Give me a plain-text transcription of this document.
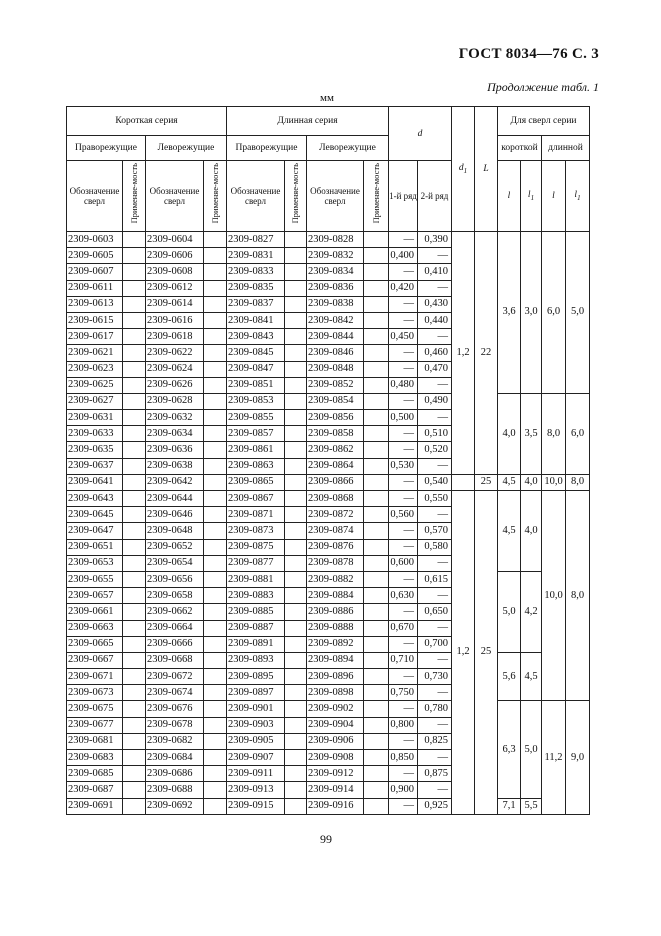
ГОСТ 8034—76 С. 3
Продолжение табл. 1
мм
Короткая серия				Длинная серия				d		$d_1$	L	Для сверл серии			
Праворежущие		Леворежущие		Праворежущие		Леворежущие						короткой		длинной	
Обозначение сверл	Применяе-мость	Обозначение сверл	Применяе-мость	Обозначение сверл	Применяе-мость	Обозначение сверл	Применяе-мость	1-й ряд	2-й ряд			l	$l_1$	l	$l_1$
2309-0603		2309-0604		2309-0827		2309-0828		—	0,390	1,2	22	3,6	3,0	6,0	5,0
2309-0605		2309-0606		2309-0831		2309-0832		0,400	—						
2309-0607		2309-0608		2309-0833		2309-0834		—	0,410						
2309-0611		2309-0612		2309-0835		2309-0836		0,420	—						
2309-0613		2309-0614		2309-0837		2309-0838		—	0,430						
2309-0615		2309-0616		2309-0841		2309-0842		—	0,440						
2309-0617		2309-0618		2309-0843		2309-0844		0,450	—						
2309-0621		2309-0622		2309-0845		2309-0846		—	0,460						
2309-0623		2309-0624		2309-0847		2309-0848		—	0,470						
2309-0625		2309-0626		2309-0851		2309-0852		0,480	—						
2309-0627		2309-0628		2309-0853		2309-0854		—	0,490			4,0	3,5	8,0	6,0
2309-0631		2309-0632		2309-0855		2309-0856		0,500	—						
2309-0633		2309-0634		2309-0857		2309-0858		—	0,510						
2309-0635		2309-0636		2309-0861		2309-0862		—	0,520						
2309-0637		2309-0638		2309-0863		2309-0864		0,530	—						
2309-0641		2309-0642		2309-0865		2309-0866		—	0,540		25	4,5	4,0	10,0	8,0
2309-0643		2309-0644		2309-0867		2309-0868		—	0,550	1,2	25	4,5	4,0	10,0	8,0
2309-0645		2309-0646		2309-0871		2309-0872		0,560	—						
2309-0647		2309-0648		2309-0873		2309-0874		—	0,570						
2309-0651		2309-0652		2309-0875		2309-0876		—	0,580						
2309-0653		2309-0654		2309-0877		2309-0878		0,600	—						
2309-0655		2309-0656		2309-0881		2309-0882		—	0,615			5,0	4,2		
2309-0657		2309-0658		2309-0883		2309-0884		0,630	—						
2309-0661		2309-0662		2309-0885		2309-0886		—	0,650						
2309-0663		2309-0664		2309-0887		2309-0888		0,670	—						
2309-0665		2309-0666		2309-0891		2309-0892		—	0,700						
2309-0667		2309-0668		2309-0893		2309-0894		0,710	—			5,6	4,5		
2309-0671		2309-0672		2309-0895		2309-0896		—	0,730						
2309-0673		2309-0674		2309-0897		2309-0898		0,750	—						
2309-0675		2309-0676		2309-0901		2309-0902		—	0,780			6,3	5,0	11,2	9,0
2309-0677		2309-0678		2309-0903		2309-0904		0,800	—						
2309-0681		2309-0682		2309-0905		2309-0906		—	0,825						
2309-0683		2309-0684		2309-0907		2309-0908		0,850	—						
2309-0685		2309-0686		2309-0911		2309-0912		—	0,875						
2309-0687		2309-0688		2309-0913		2309-0914		0,900	—						
2309-0691		2309-0692		2309-0915		2309-0916		—	0,925			7,1	5,5		
99
